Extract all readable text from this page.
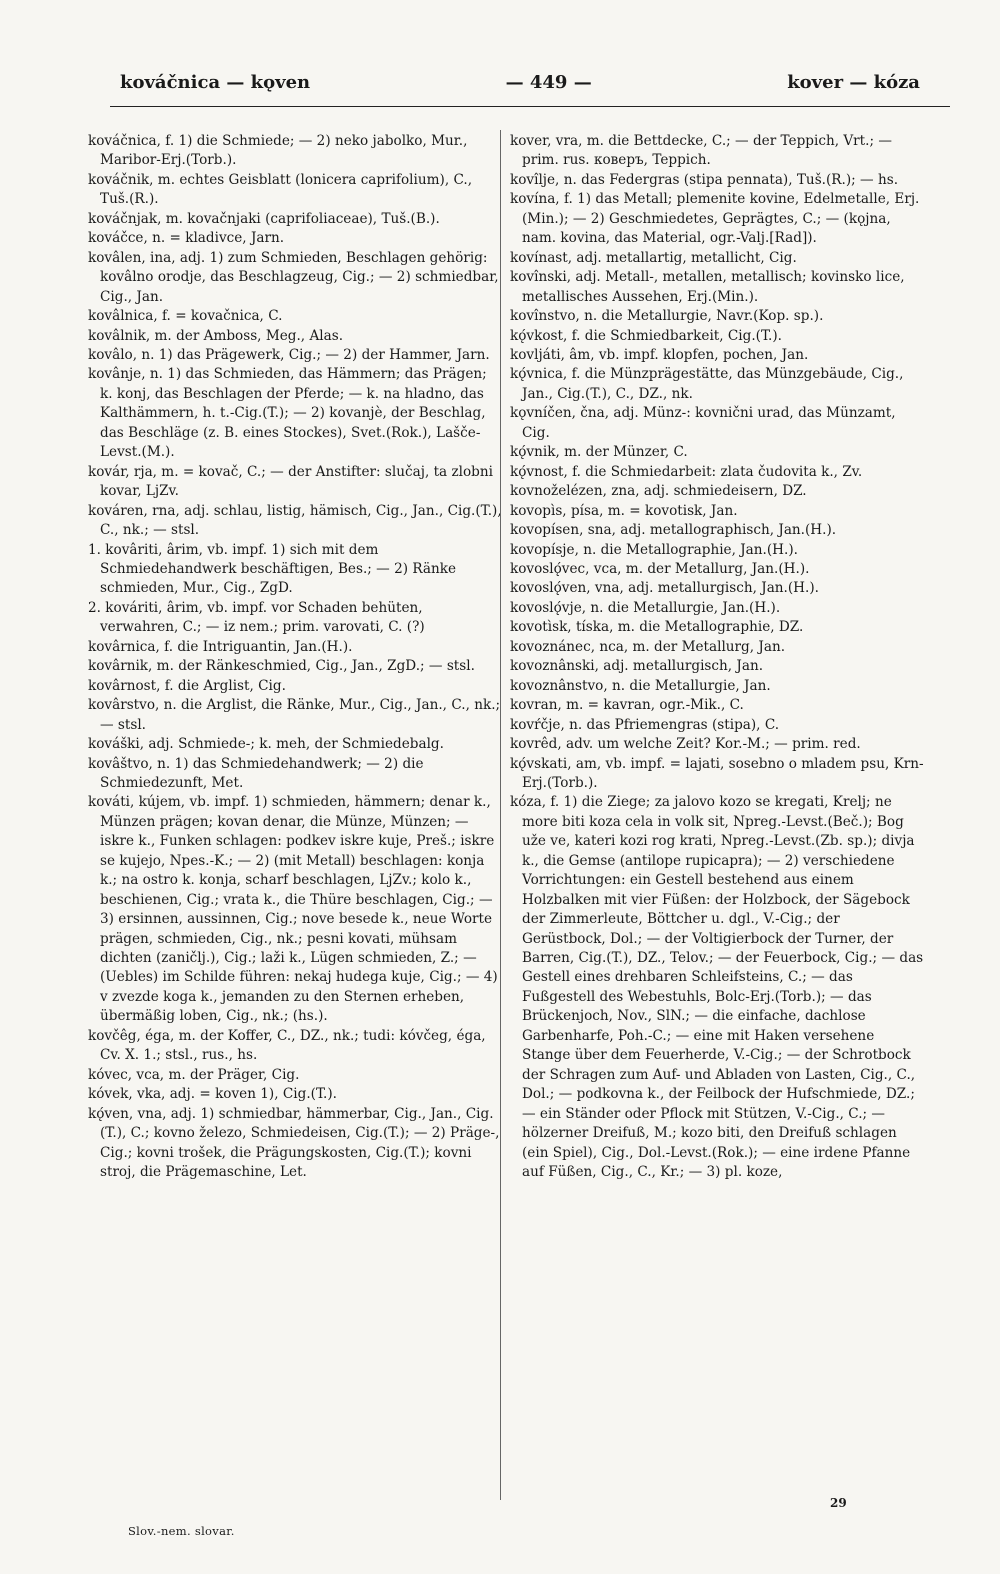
kováčnica — kǫven	— 449 —	kover — kóza

kováčnica, f. 1) die Schmiede; — 2) neko jabolko, Mur., Maribor-Erj.(Torb.).

kováčnik, m. echtes Geisblatt (lonicera caprifolium), C., Tuš.(R.).

kováčnjak, m. kovačnjaki (caprifoliaceae), Tuš.(B.).

kováčce, n. = kladivce, Jarn.

kovâlen, ina, adj. 1) zum Schmieden, Beschlagen gehörig: kovâlno orodje, das Beschlagzeug, Cig.; — 2) schmiedbar, Cig., Jan.

kovâlnica, f. = kovačnica, C.

kovâlnik, m. der Amboss, Meg., Alas.

kovâlo, n. 1) das Prägewerk, Cig.; — 2) der Hammer, Jarn.

kovânje, n. 1) das Schmieden, das Hämmern; das Prägen; k. konj, das Beschlagen der Pferde; — k. na hladno, das Kalthämmern, h. t.-Cig.(T.); — 2) kovanjè, der Beschlag, das Beschläge (z. B. eines Stockes), Svet.(Rok.), Lašče-Levst.(M.).

kovár, rja, m. = kovač, C.; — der Anstifter: slučaj, ta zlobni kovar, LjZv.

kováren, rna, adj. schlau, listig, hämisch, Cig., Jan., Cig.(T.), C., nk.; — stsl.

1. kovâriti, ârim, vb. impf. 1) sich mit dem Schmiedehandwerk beschäftigen, Bes.; — 2) Ränke schmieden, Mur., Cig., ZgD.

2. kováriti, ârim, vb. impf. vor Schaden behüten, verwahren, C.; — iz nem.; prim. varovati, C. (?)

kovârnica, f. die Intriguantin, Jan.(H.).

kovârnik, m. der Ränkeschmied, Cig., Jan., ZgD.; — stsl.

kovârnost, f. die Arglist, Cig.

kovârstvo, n. die Arglist, die Ränke, Mur., Cig., Jan., C., nk.; — stsl.

kováški, adj. Schmiede-; k. meh, der Schmiedebalg.

kovâštvo, n. 1) das Schmiedehandwerk; — 2) die Schmiedezunft, Met.

kováti, kújem, vb. impf. 1) schmieden, hämmern; denar k., Münzen prägen; kovan denar, die Münze, Münzen; — iskre k., Funken schlagen: podkev iskre kuje, Preš.; iskre se kujejo, Npes.-K.; — 2) (mit Metall) beschlagen: konja k.; na ostro k. konja, scharf beschlagen, LjZv.; kolo k., beschienen, Cig.; vrata k., die Thüre beschlagen, Cig.; — 3) ersinnen, aussinnen, Cig.; nove besede k., neue Worte prägen, schmieden, Cig., nk.; pesni kovati, mühsam dichten (zaničlj.), Cig.; laži k., Lügen schmieden, Z.; — (Uebles) im Schilde führen: nekaj hudega kuje, Cig.; — 4) v zvezde koga k., jemanden zu den Sternen erheben, übermäßig loben, Cig., nk.; (hs.).

kovčêg, éga, m. der Koffer, C., DZ., nk.; tudi: kóvčeg, éga, Cv. X. 1.; stsl., rus., hs.

kóvec, vca, m. der Präger, Cig.

kóvek, vka, adj. = koven 1), Cig.(T.).

kǫ́ven, vna, adj. 1) schmiedbar, hämmerbar, Cig., Jan., Cig.(T.), C.; kovno železo, Schmiedeisen, Cig.(T.); — 2) Präge-, Cig.; kovni trošek, die Prägungskosten, Cig.(T.); kovni stroj, die Prägemaschine, Let.

kover, vra, m. die Bettdecke, C.; — der Teppich, Vrt.; — prim. rus. коверъ, Teppich.

kovîlje, n. das Federgras (stipa pennata), Tuš.(R.); — hs.

kovína, f. 1) das Metall; plemenite kovine, Edelmetalle, Erj.(Min.); — 2) Geschmiedetes, Geprägtes, C.; — (kǫjna, nam. kovina, das Material, ogr.-Valj.[Rad]).

kovínast, adj. metallartig, metallicht, Cig.

kovînski, adj. Metall-, metallen, metallisch; kovinsko lice, metallisches Aussehen, Erj.(Min.).

kovînstvo, n. die Metallurgie, Navr.(Kop. sp.).

kǫ́vkost, f. die Schmiedbarkeit, Cig.(T.).

kovljáti, âm, vb. impf. klopfen, pochen, Jan.

kǫ́vnica, f. die Münzprägestätte, das Münzgebäude, Cig., Jan., Cig.(T.), C., DZ., nk.

kǫvníčen, čna, adj. Münz-: kovnični urad, das Münzamt, Cig.

kǫ́vnik, m. der Münzer, C.

kǫ́vnost, f. die Schmiedarbeit: zlata čudovita k., Zv.

kovnoželézen, zna, adj. schmiedeisern, DZ.

kovopìs, písa, m. = kovotisk, Jan.

kovopísen, sna, adj. metallographisch, Jan.(H.).

kovopísje, n. die Metallographie, Jan.(H.).

kovoslǫ́vec, vca, m. der Metallurg, Jan.(H.).

kovoslǫ́ven, vna, adj. metallurgisch, Jan.(H.).

kovoslǫ́vje, n. die Metallurgie, Jan.(H.).

kovotìsk, tíska, m. die Metallographie, DZ.

kovoznánec, nca, m. der Metallurg, Jan.

kovoznânski, adj. metallurgisch, Jan.

kovoznânstvo, n. die Metallurgie, Jan.

kovran, m. = kavran, ogr.-Mik., C.

kovŕčje, n. das Pfriemengras (stipa), C.

kovrêd, adv. um welche Zeit? Kor.-M.; — prim. red.

kǫ́vskati, am, vb. impf. = lajati, sosebno o mladem psu, Krn-Erj.(Torb.).

kóza, f. 1) die Ziege; za jalovo kozo se kregati, Krelj; ne more biti koza cela in volk sit, Npreg.-Levst.(Beč.); Bog uže ve, kateri kozi rog krati, Npreg.-Levst.(Zb. sp.); divja k., die Gemse (antilope rupicapra); — 2) verschiedene Vorrichtungen: ein Gestell bestehend aus einem Holzbalken mit vier Füßen: der Holzbock, der Sägebock der Zimmerleute, Böttcher u. dgl., V.-Cig.; der Gerüstbock, Dol.; — der Voltigierbock der Turner, der Barren, Cig.(T.), DZ., Telov.; — der Feuerbock, Cig.; — das Gestell eines drehbaren Schleifsteins, C.; — das Fußgestell des Webestuhls, Bolc-Erj.(Torb.); — das Brückenjoch, Nov., SlN.; — die einfache, dachlose Garbenharfe, Poh.-C.; — eine mit Haken versehene Stange über dem Feuerherde, V.-Cig.; — der Schrotbock der Schragen zum Auf- und Abladen von Lasten, Cig., C., Dol.; — podkovna k., der Feilbock der Hufschmiede, DZ.; — ein Ständer oder Pflock mit Stützen, V.-Cig., C.; — hölzerner Dreifuß, M.; kozo biti, den Dreifuß schlagen (ein Spiel), Cig., Dol.-Levst.(Rok.); — eine irdene Pfanne auf Füßen, Cig., C., Kr.; — 3) pl. koze,

Slov.-nem. slovar.
29
